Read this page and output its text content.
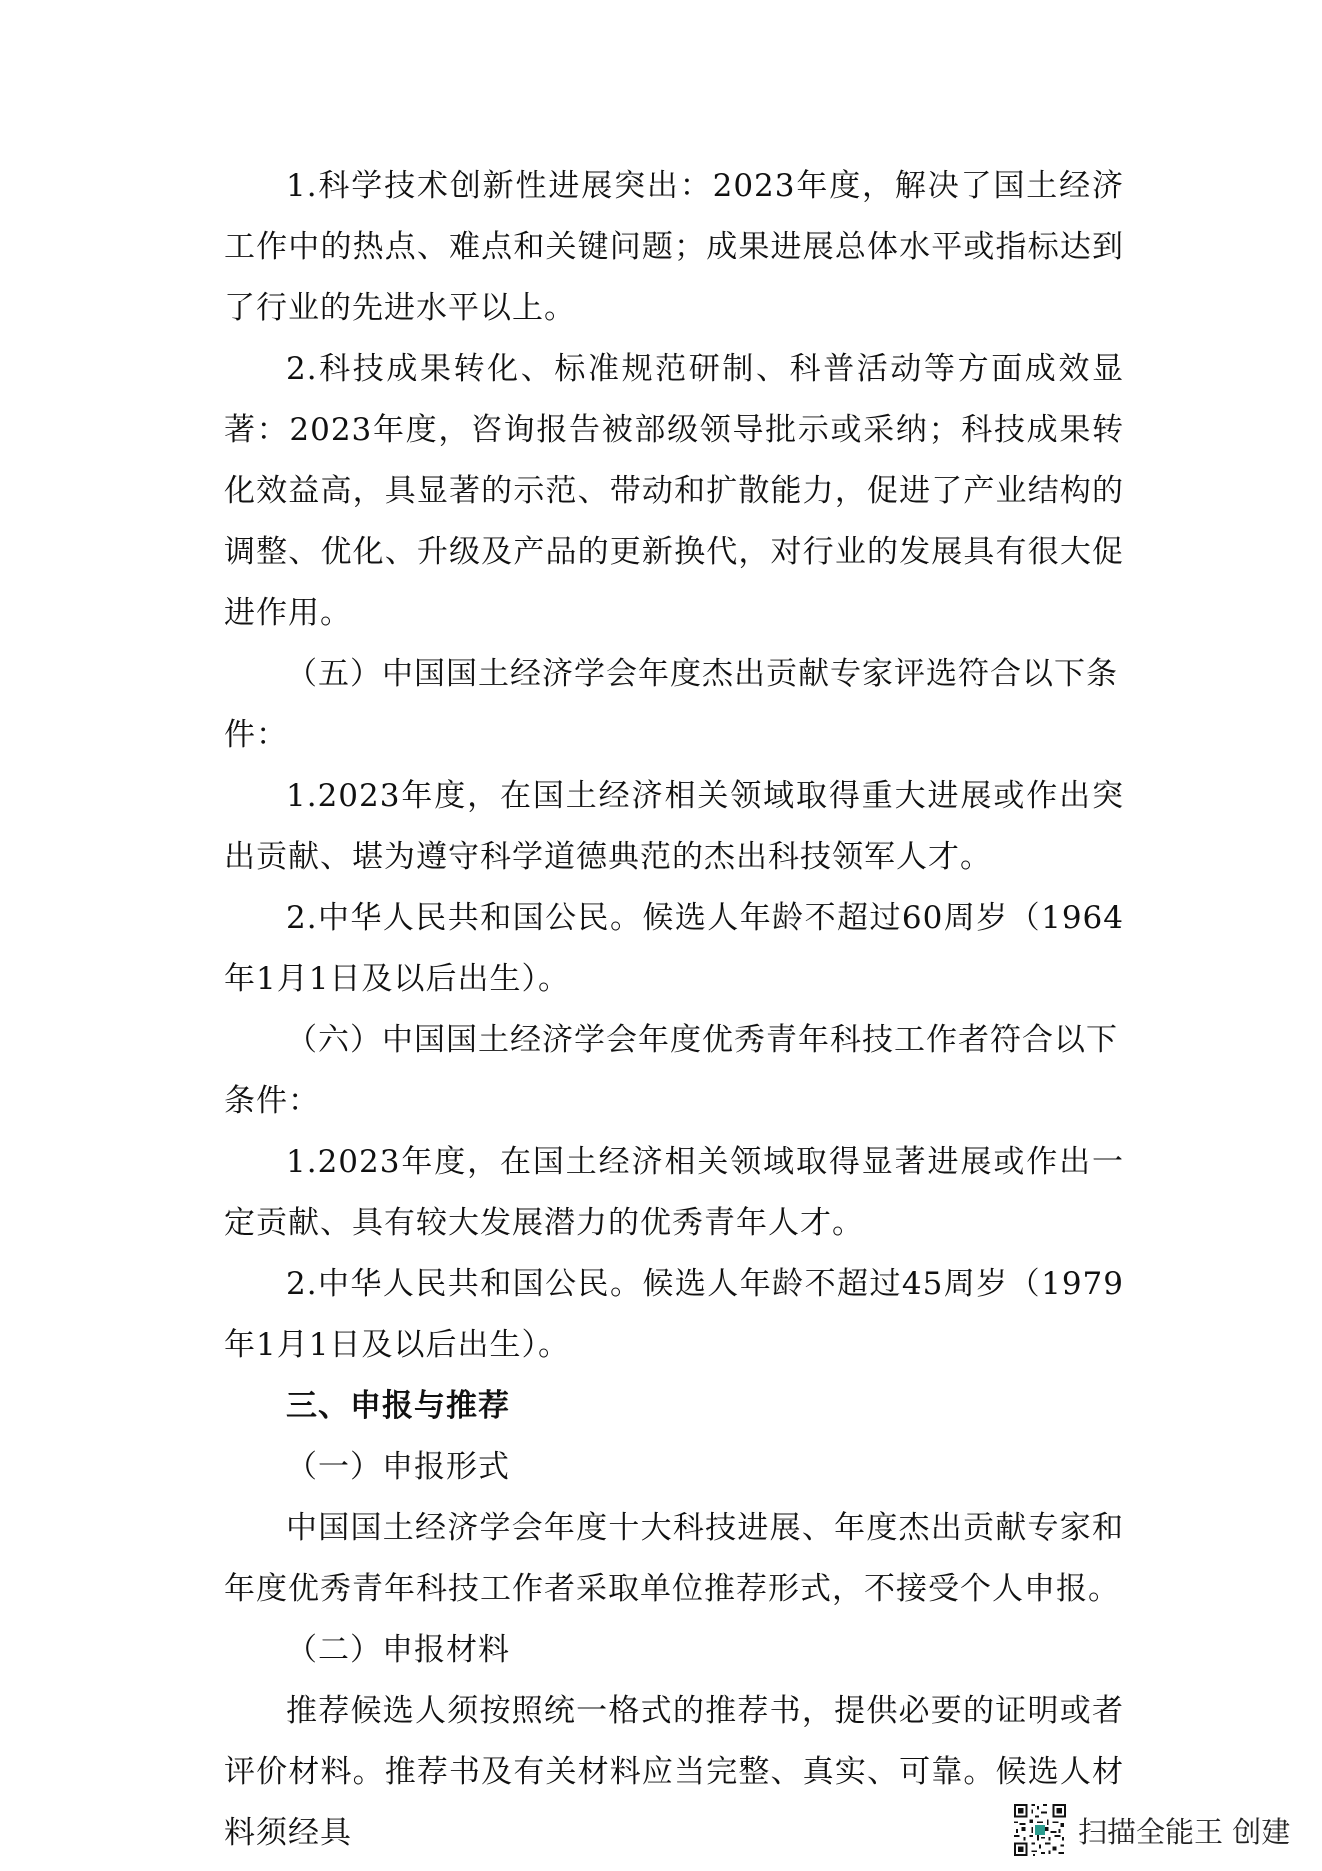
1.科学技术创新性进展突出：2023年度，解决了国土经济工作中的热点、难点和关键问题；成果进展总体水平或指标达到了行业的先进水平以上。

2.科技成果转化、标准规范研制、科普活动等方面成效显著：2023年度，咨询报告被部级领导批示或采纳；科技成果转化效益高，具显著的示范、带动和扩散能力，促进了产业结构的调整、优化、升级及产品的更新换代，对行业的发展具有很大促进作用。

（五）中国国土经济学会年度杰出贡献专家评选符合以下条件：

1.2023年度，在国土经济相关领域取得重大进展或作出突出贡献、堪为遵守科学道德典范的杰出科技领军人才。

2.中华人民共和国公民。候选人年龄不超过60周岁（1964年1月1日及以后出生）。

（六）中国国土经济学会年度优秀青年科技工作者符合以下条件：

1.2023年度，在国土经济相关领域取得显著进展或作出一定贡献、具有较大发展潜力的优秀青年人才。

2.中华人民共和国公民。候选人年龄不超过45周岁（1979年1月1日及以后出生）。

三、申报与推荐

（一）申报形式

中国国土经济学会年度十大科技进展、年度杰出贡献专家和年度优秀青年科技工作者采取单位推荐形式，不接受个人申报。

（二）申报材料

推荐候选人须按照统一格式的推荐书，提供必要的证明或者评价材料。推荐书及有关材料应当完整、真实、可靠。候选人材料须经具	扫描全能王 创建
